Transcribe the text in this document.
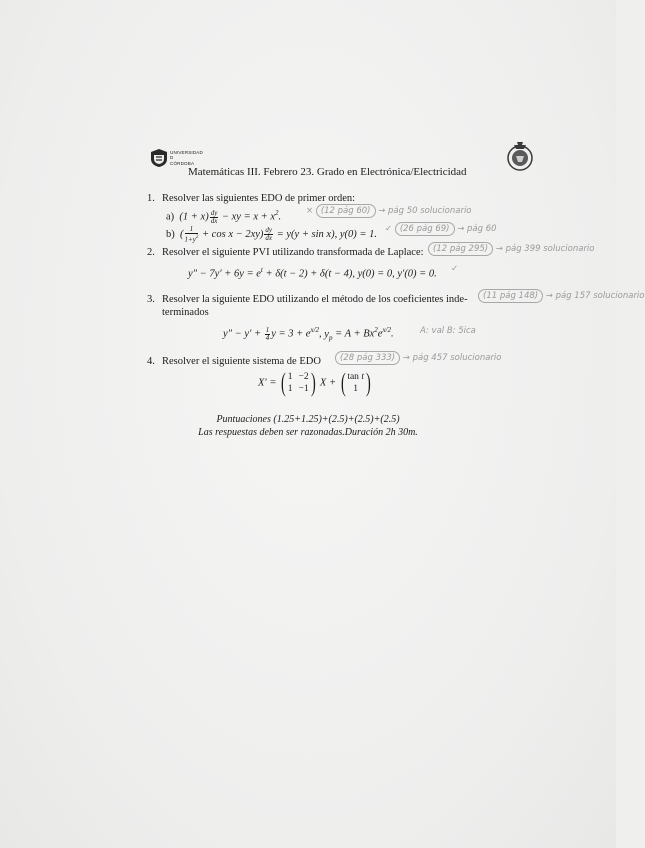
UNIVERSIDAD
D
CÓRDOBA
Matemáticas III. Febrero 23. Grado en Electrónica/Electricidad
1. Resolver las siguientes EDO de primer orden:
a)  $(1 + x) \frac{dy}{dx}$ − xy = $x + x^2$.
× (12 pág 60) → pág 50 solucionario
b)  ( $\frac{1}{1+y^2} + \cos x - 2xy) \frac{dy}{dx} = y(y + \sin x)$, y(0) = 1.
✓ (26 pág 69) → pág 60
2. Resolver el siguiente PVI utilizando transformada de Laplace:	(12 pág 295) → pág 399 solucionario
$y'' - 7y' + 6y = e^t + \delta(t - 2) + \delta(t - 4)$, y(0) = 0, y′(0) = 0. ✓
3. Resolver la siguiente EDO utilizando el método de los coeficientes inde-
terminados
(11 pág 148) → pág 157 solucionario
$y'' - y' + \frac{1}{4}$ $y = 3 + e^{x/2}$, $y_p = A + Bx^2e^{x/2}$.	A: val B: 5ica
4. Resolver el siguiente sistema de EDO	(28 pág 333) → pág 457 solucionario
X′ = ( 1 −2
1 −1 ) X + ( tan t
1 )
Puntuaciones (1.25+1.25)+(2.5)+(2.5)+(2.5)
Las respuestas deben ser razonadas.Duración 2h 30m.
